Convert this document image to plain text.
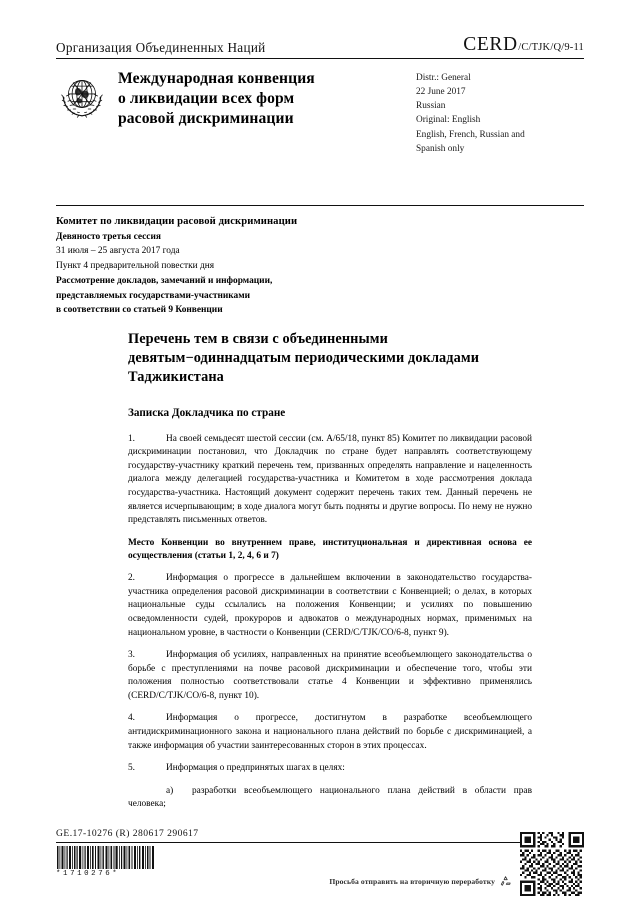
Организация Объединенных Наций	CERD /C/TJK/Q/9-11
Международная конвенция
о ликвидации всех форм
расовой дискриминации
Distr.: General
22 June 2017
Russian
Original: English
English, French, Russian and
Spanish only
Комитет по ликвидации расовой дискриминации
Девяносто третья сессия
31 июля – 25 августа 2017 года
Пункт 4 предварительной повестки дня
Рассмотрение докладов, замечаний и информации,
представляемых государствами-участниками
в соответствии со статьей 9 Конвенции
Перечень тем в связи с объединенными девятым−одиннадцатым периодическими докладами Таджикистана
Записка Докладчика по стране

1.	На своей семьдесят шестой сессии (см. A/65/18, пункт 85) Комитет по ликвидации расовой дискриминации постановил, что Докладчик по стране будет направлять соответствующему государству-участнику краткий перечень тем, призванных определять направление и нацеленность диалога между делегацией государства-участника и Комитетом в ходе рассмотрения доклада государства-участника. Настоящий документ содержит перечень таких тем. Данный перечень не является исчерпывающим; в ходе диалога могут быть подняты и другие вопросы. По нему не нужно представлять письменных ответов.

Место Конвенции во внутреннем праве, институциональная и директивная основа ее осуществления (статьи 1, 2, 4, 6 и 7)

2.	Информация о прогрессе в дальнейшем включении в законодательство государства-участника определения расовой дискриминации в соответствии с Конвенцией; о делах, в которых национальные суды ссылались на положения Конвенции; и усилиях по повышению осведомленности судей, прокуроров и адвокатов о международных нормах, применимых на национальном уровне, в частности о Конвенции (CERD/C/TJK/CO/6-8, пункт 9).

3.	Информация об усилиях, направленных на принятие всеобъемлющего законодательства о борьбе с преступлениями на почве расовой дискриминации и обеспечение того, чтобы эти положения полностью соответствовали статье 4 Конвенции и эффективно применялись (CERD/C/TJK/CO/6-8, пункт 10).

4.	Информация о прогрессе, достигнутом в разработке всеобъемлющего антидискриминационного закона и национального плана действий по борьбе с дискриминацией, а также информация об участии заинтересованных сторон в этих процессах.

5.	Информация о предпринятых шагах в целях:

a) разработки всеобъемлющего национального плана действий в области прав человека;

GE.17-10276 (R) 280617 290617
*1710276*
Просьба отправить на вторичную переработку
